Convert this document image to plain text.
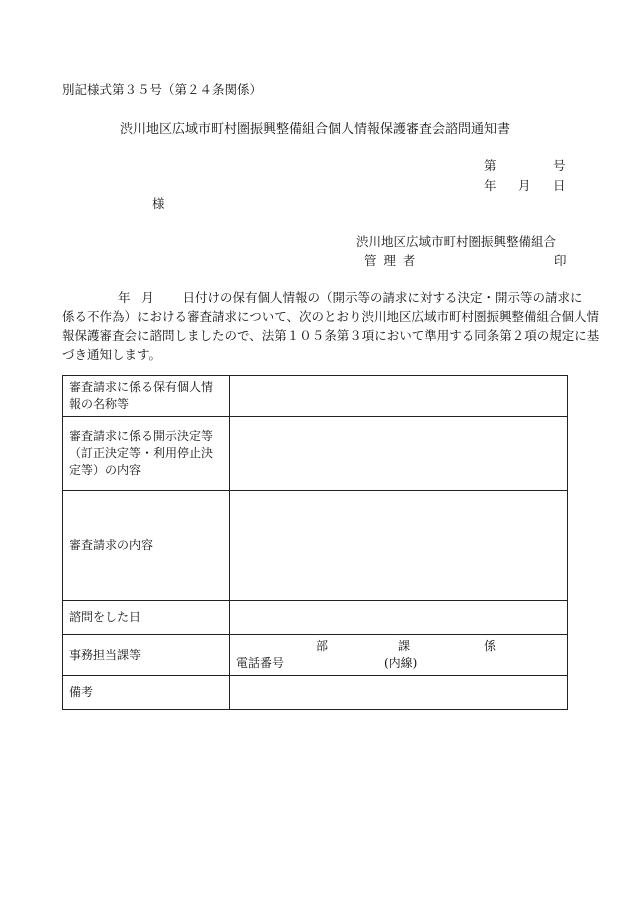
別記様式第３５号（第２４条関係）
渋川地区広域市町村圏振興整備組合個人情報保護審査会諮問通知書
第	号
年 月 日
様
渋川地区広域市町村圏振興整備組合
管理者	印
年 月 日付けの保有個人情報の（開示等の請求に対する決定・開示等の請求に
係る不作為）における審査請求について、次のとおり渋川地区広域市町村圏振興整備組合個人情
報保護審査会に諮問しましたので、法第１０５条第３項において準用する同条第２項の規定に基
づき通知します。
審査請求に係る保有個人情報の名称等	
審査請求に係る開示決定等（訂正決定等・利用停止決定等）の内容	
審査請求の内容	
諮問をした日	
事務担当課等	部 課 係
電話番号 (内線)

備考	
